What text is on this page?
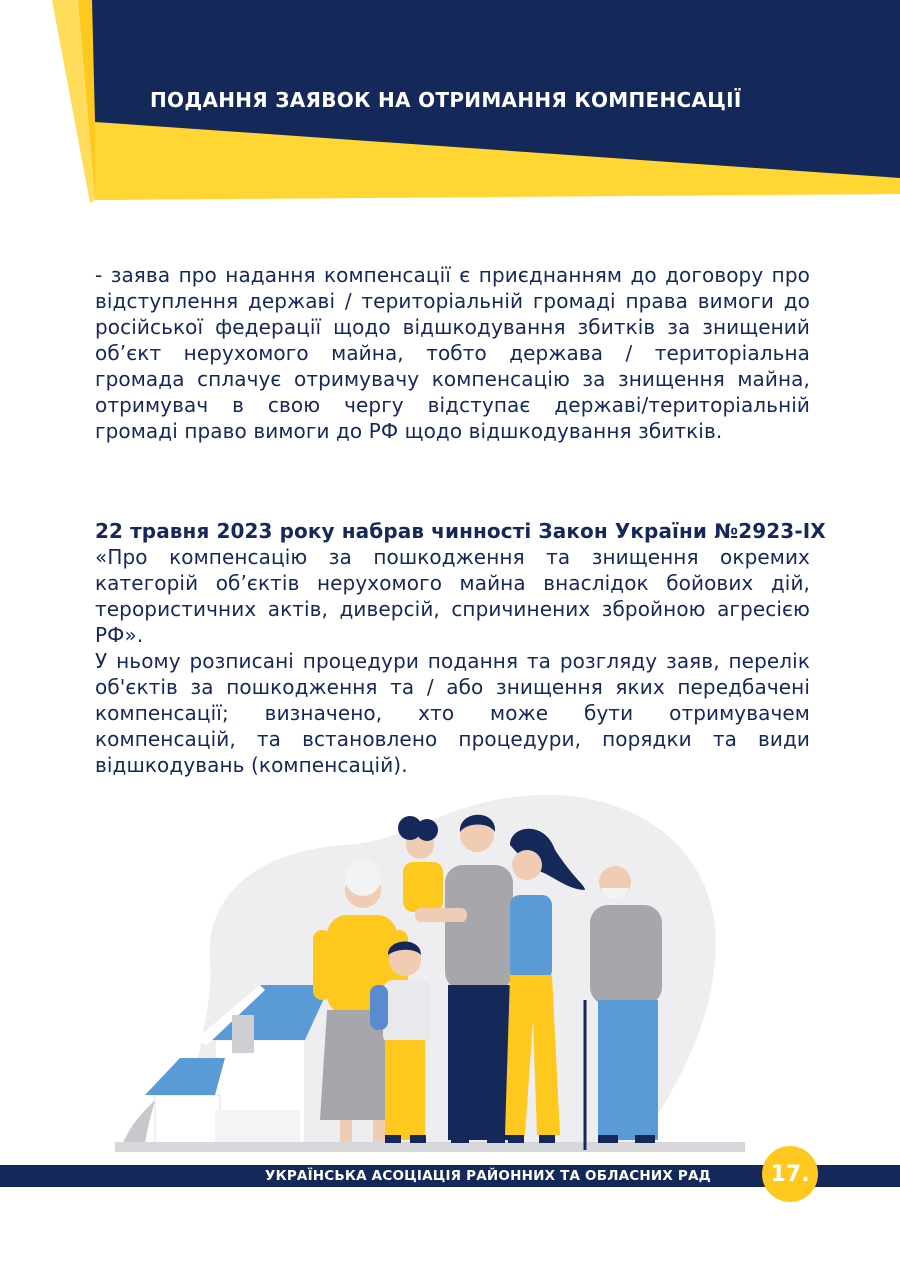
ПОДАННЯ ЗАЯВОК НА ОТРИМАННЯ КОМПЕНСАЦІЇ
- заява про надання компенсації є приєднанням до договору про відступлення державі / територіальній громаді права вимоги до російської федерації щодо відшкодування збитків за знищений об’єкт нерухомого майна, тобто держава / територіальна громада сплачує отримувачу компенсацію за знищення майна, отримувач в свою чергу відступає державі/територіальній громаді право вимоги до РФ щодо відшкодування збитків.
22 травня 2023 року набрав чинності Закон України №2923-IX
«Про компенсацію за пошкодження та знищення окремих категорій об’єктів нерухомого майна внаслідок бойових дій, терористичних актів, диверсій, спричинених збройною агресією РФ».
У ньому розписані процедури подання та розгляду заяв, перелік об'єктів за пошкодження та / або знищення яких передбачені компенсації; визначено, хто може бути отримувачем компенсацій, та встановлено процедури, порядки та види відшкодувань (компенсацій).
УКРАЇНСЬКА АСОЦІАЦІЯ РАЙОННИХ ТА ОБЛАСНИХ РАД	17.
